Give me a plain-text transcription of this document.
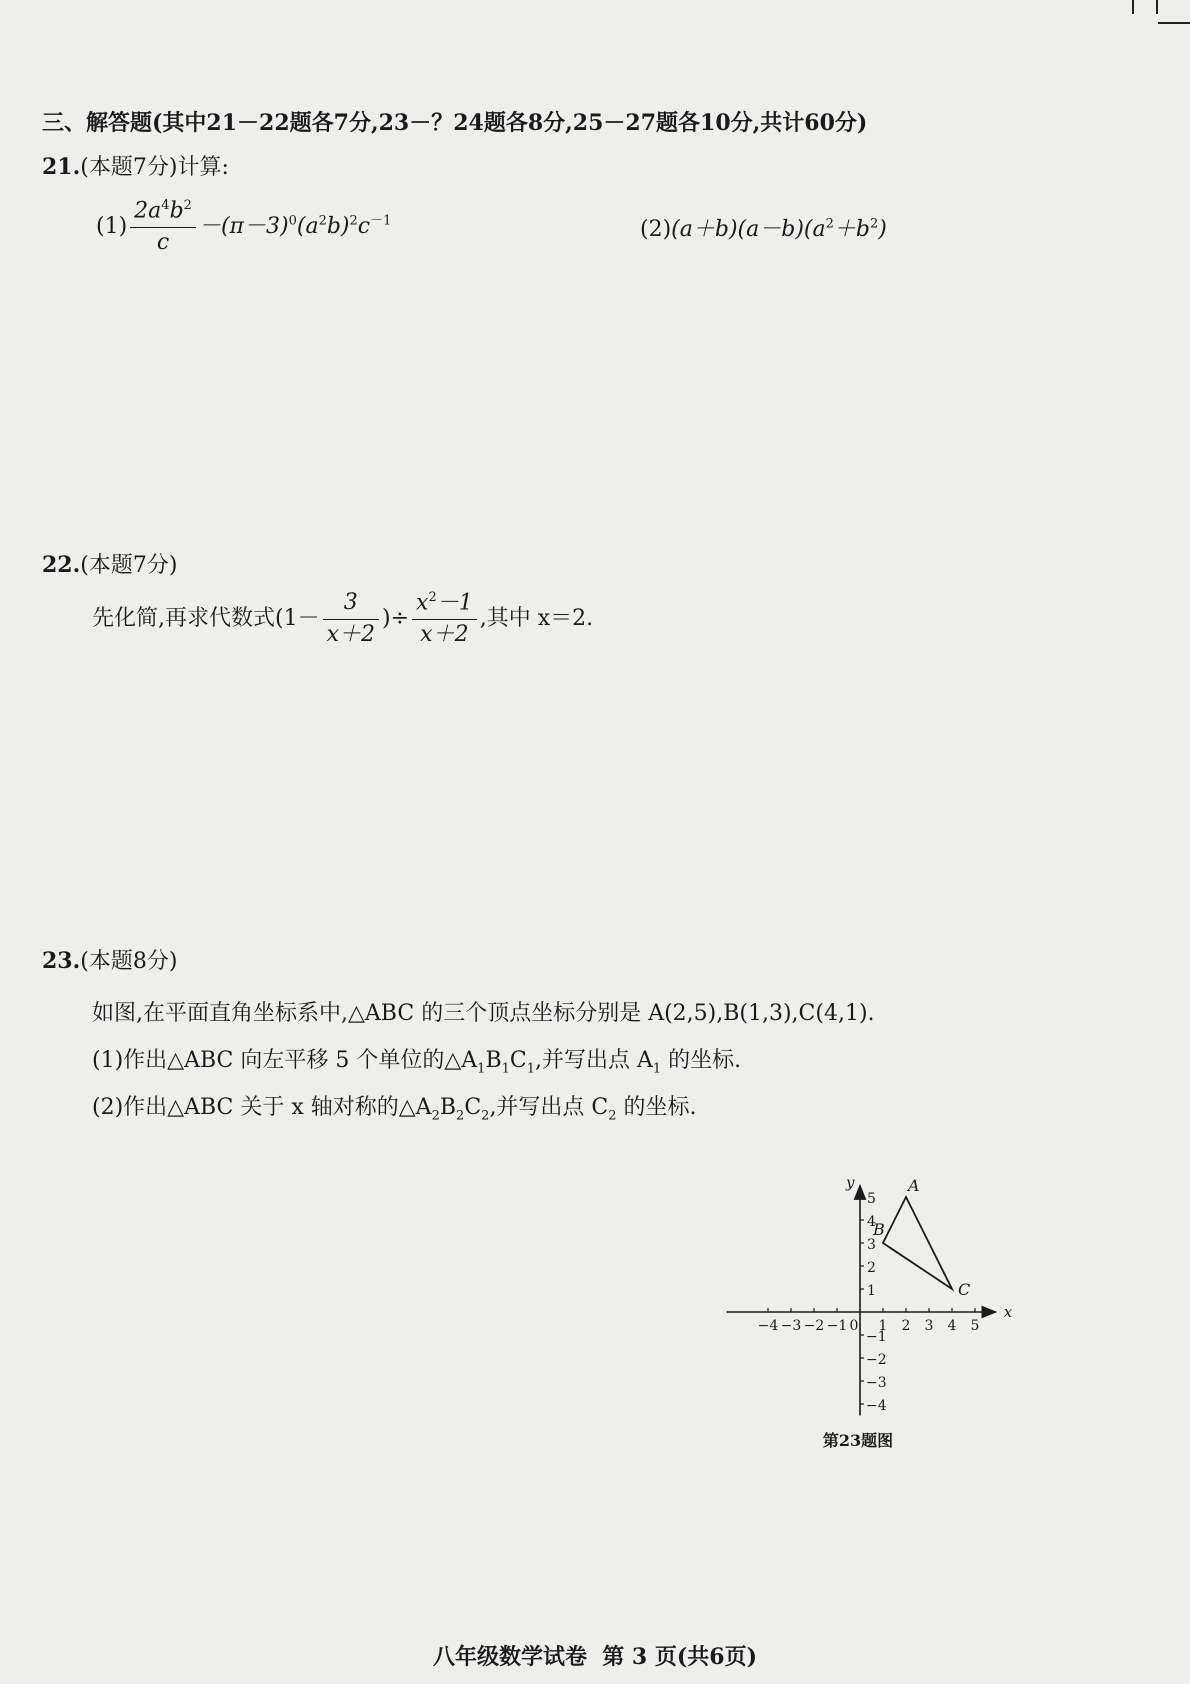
三、解答题(其中21－22题各7分,23－？24题各8分,25－27题各10分,共计60分)
21.(本题7分)计算:
$(1) \frac{2a^4b^2}{c} -(\pi-3)^0(a^2b)^2c^{-1}$	$(2)(a+b)(a-b)(a^2+b^2)$
22.(本题7分)
先化简,再求代数式($1- \frac{3}{x+2}$ )÷ $\frac{x^2-1}{x+2}$ ,其中 x＝2.
23.(本题8分)
如图,在平面直角坐标系中,△ABC 的三个顶点坐标分别是 A(2,5),B(1,3),C(4,1).
(1)作出△ABC 向左平移 5 个单位的$\triangle A_1B_1C_1$,并写出点 $A_1$ 的坐标.
(2)作出△ABC 关于 x 轴对称的$\triangle A_2B_2C_2$,并写出点 $C_2$ 的坐标.
x
y
−4 −3 −2 −1 0 1 2 3 4 5
5
4
3
2
1
−1
−2
−3
−4
A
B
C
第23题图
八年级数学试卷  第 3 页(共6页)
